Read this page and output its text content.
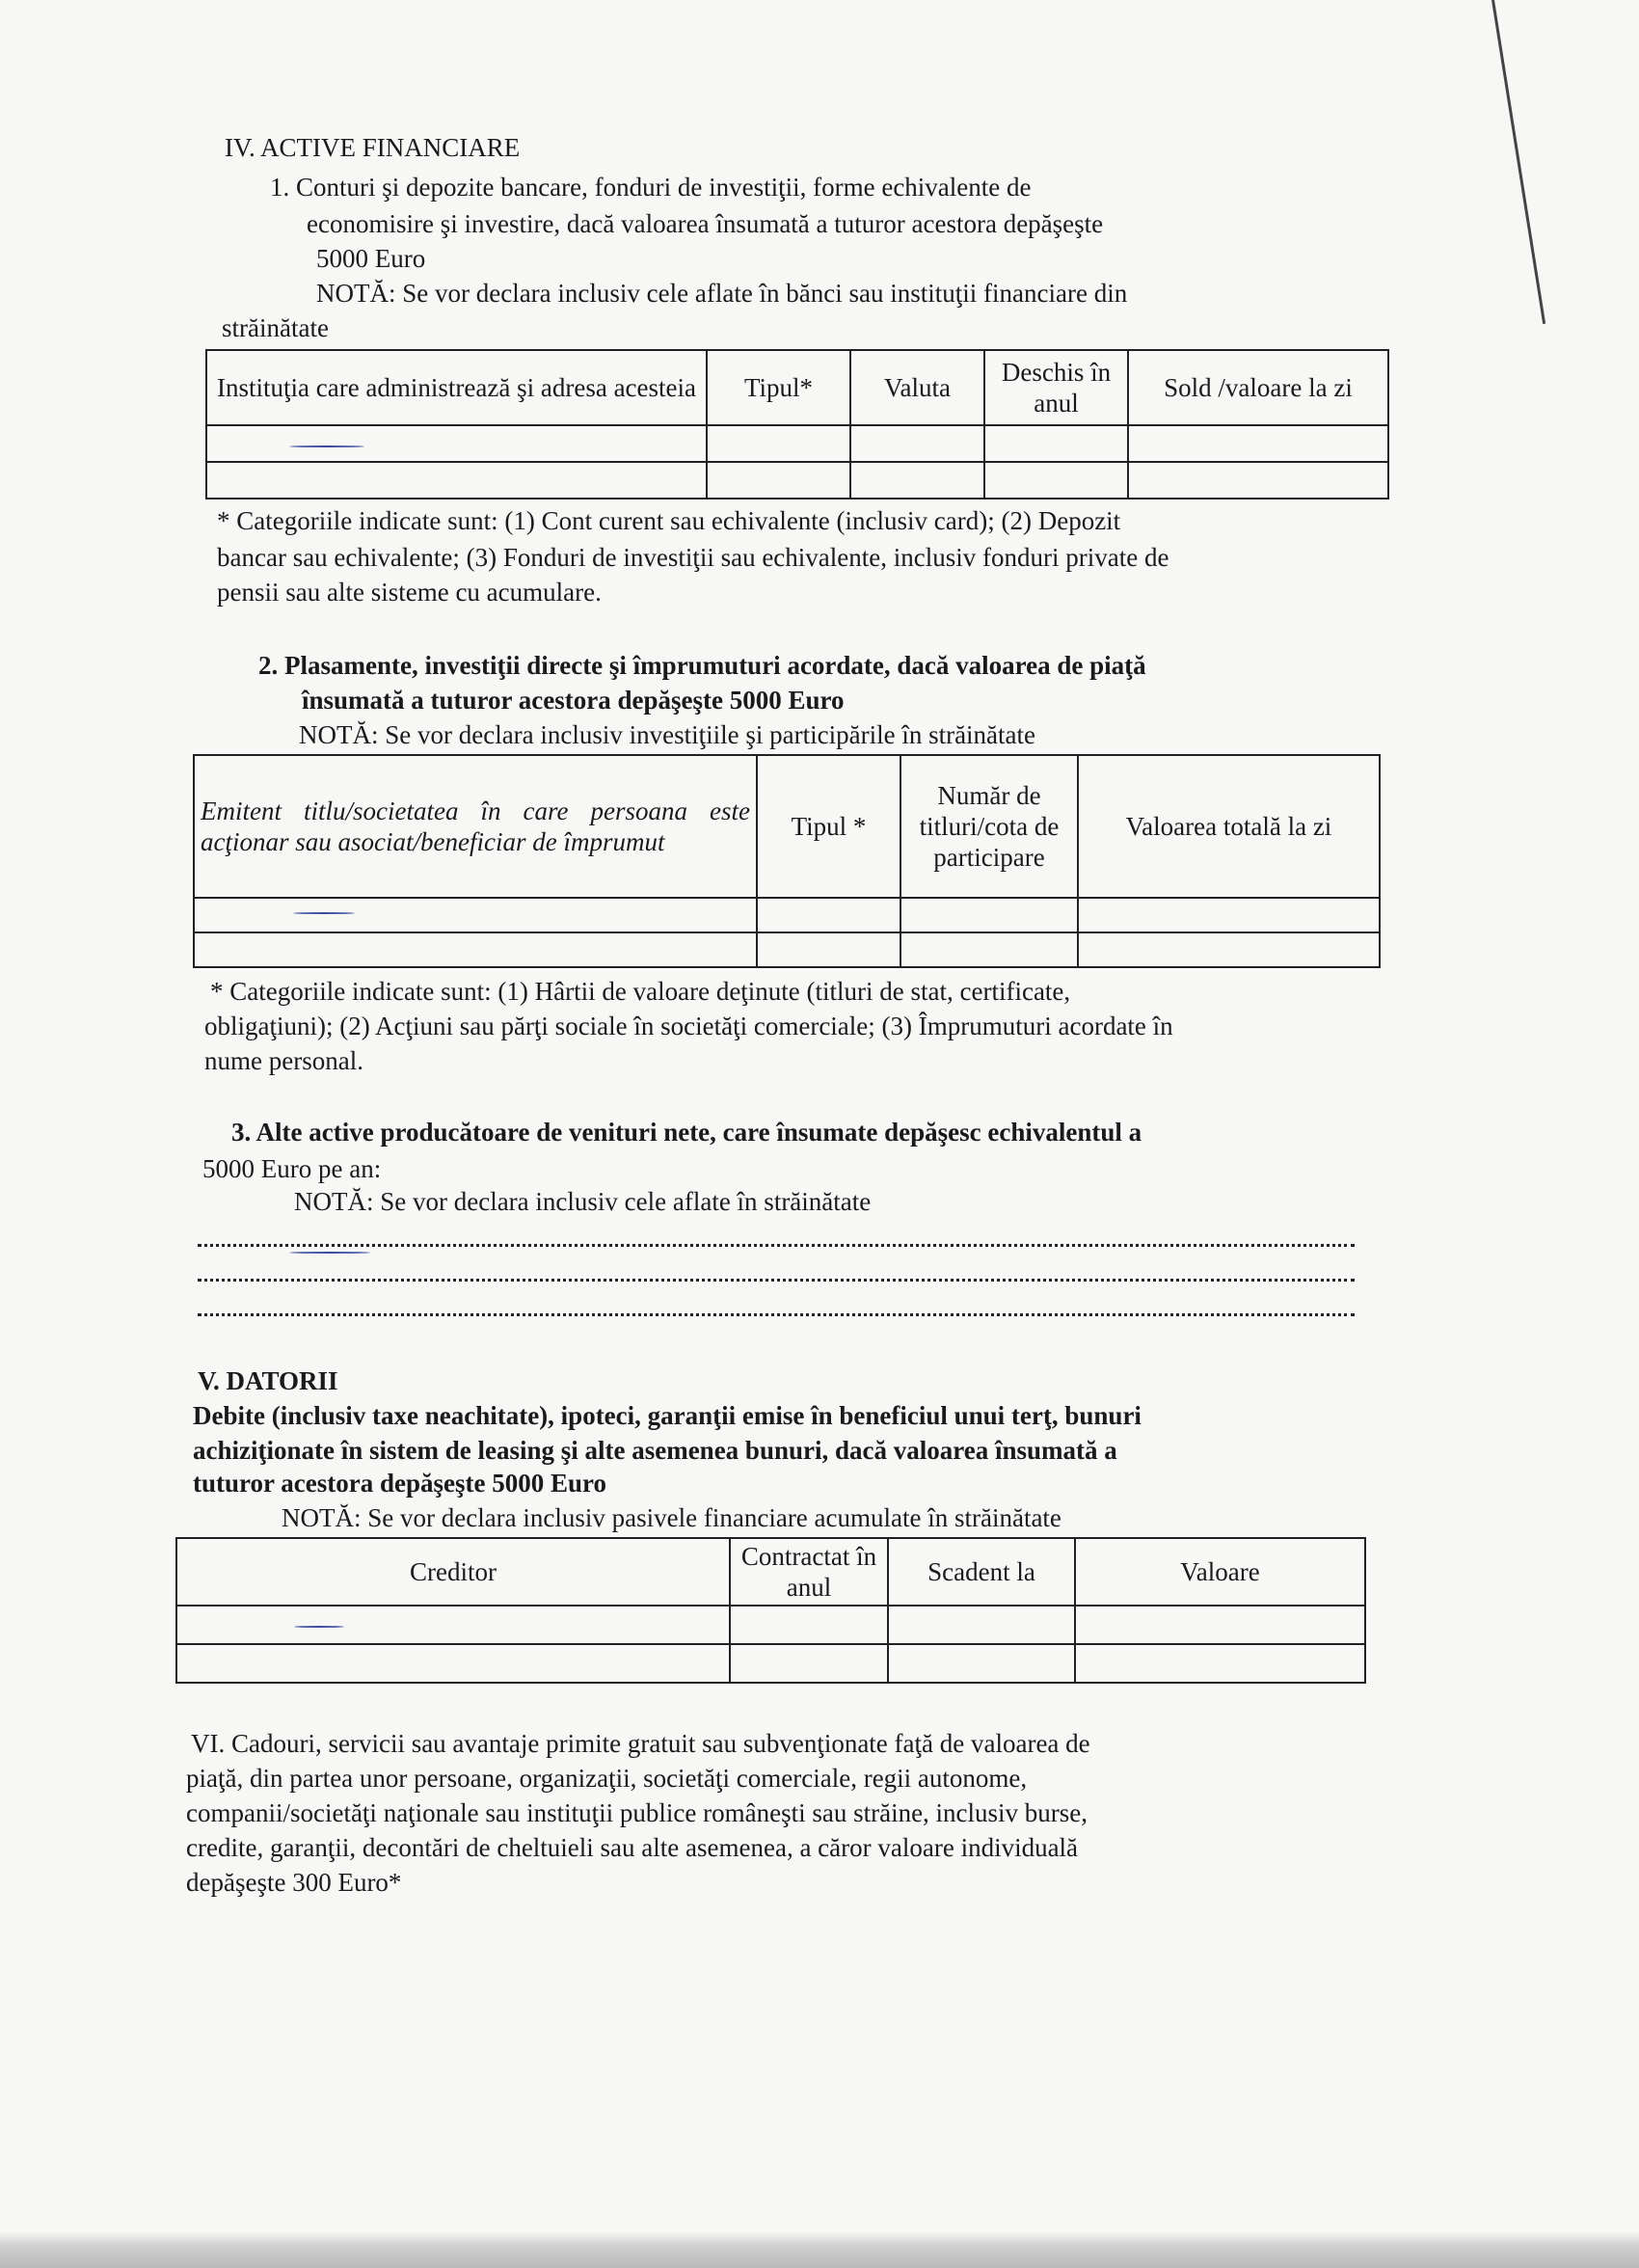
IV. ACTIVE FINANCIARE
1. Conturi şi depozite bancare, fonduri de investiţii, forme echivalente de
economisire şi investire, dacă valoarea însumată a tuturor acestora depăşeşte
5000 Euro
NOTĂ: Se vor declara inclusiv cele aflate în bănci sau instituţii financiare din
străinătate
Instituţia care administrează şi adresa acesteia	Tipul*	Valuta	Deschis în anul	Sold /valoare la zi

* Categoriile indicate sunt: (1) Cont curent sau echivalente (inclusiv card); (2) Depozit
bancar sau echivalente; (3) Fonduri de investiţii sau echivalente, inclusiv fonduri private de
pensii sau alte sisteme cu acumulare.
2. Plasamente, investiţii directe şi împrumuturi acordate, dacă valoarea de piaţă
însumată a tuturor acestora depăşeşte 5000 Euro
NOTĂ: Se vor declara inclusiv investiţiile şi participările în străinătate
Emitent titlu/societatea în care persoana este acţionar sau asociat/beneficiar de împrumut	Tipul *	Număr de titluri/cota de participare	Valoarea totală la zi

* Categoriile indicate sunt: (1) Hârtii de valoare deţinute (titluri de stat, certificate,
obligaţiuni); (2) Acţiuni sau părţi sociale în societăţi comerciale; (3) Împrumuturi acordate în
nume personal.
3. Alte active producătoare de venituri nete, care însumate depăşesc echivalentul a
5000 Euro pe an:
NOTĂ: Se vor declara inclusiv cele aflate în străinătate
V. DATORII
Debite (inclusiv taxe neachitate), ipoteci, garanţii emise în beneficiul unui terţ, bunuri
achiziţionate în sistem de leasing şi alte asemenea bunuri, dacă valoarea însumată a
tuturor acestora depăşeşte 5000 Euro
NOTĂ: Se vor declara inclusiv pasivele financiare acumulate în străinătate
Creditor	Contractat în anul	Scadent la	Valoare

VI. Cadouri, servicii sau avantaje primite gratuit sau subvenţionate faţă de valoarea de
piaţă, din partea unor persoane, organizaţii, societăţi comerciale, regii autonome,
companii/societăţi naţionale sau instituţii publice româneşti sau străine, inclusiv burse,
credite, garanţii, decontări de cheltuieli sau alte asemenea, a căror valoare individuală
depăşeşte 300 Euro*
